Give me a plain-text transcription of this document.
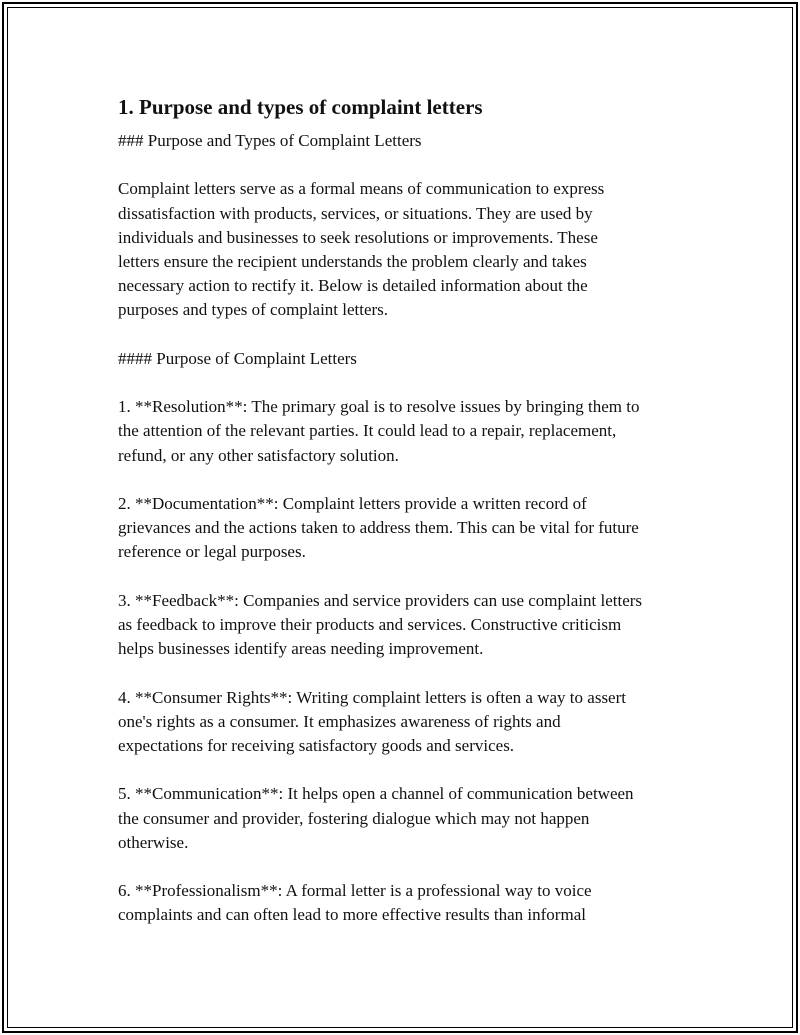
1. Purpose and types of complaint letters
### Purpose and Types of Complaint Letters
Complaint letters serve as a formal means of communication to express
dissatisfaction with products, services, or situations. They are used by
individuals and businesses to seek resolutions or improvements. These
letters ensure the recipient understands the problem clearly and takes
necessary action to rectify it. Below is detailed information about the
purposes and types of complaint letters.
#### Purpose of Complaint Letters
1. **Resolution**: The primary goal is to resolve issues by bringing them to
the attention of the relevant parties. It could lead to a repair, replacement,
refund, or any other satisfactory solution.
2. **Documentation**: Complaint letters provide a written record of
grievances and the actions taken to address them. This can be vital for future
reference or legal purposes.
3. **Feedback**: Companies and service providers can use complaint letters
as feedback to improve their products and services. Constructive criticism
helps businesses identify areas needing improvement.
4. **Consumer Rights**: Writing complaint letters is often a way to assert
one's rights as a consumer. It emphasizes awareness of rights and
expectations for receiving satisfactory goods and services.
5. **Communication**: It helps open a channel of communication between
the consumer and provider, fostering dialogue which may not happen
otherwise.
6. **Professionalism**: A formal letter is a professional way to voice
complaints and can often lead to more effective results than informal
